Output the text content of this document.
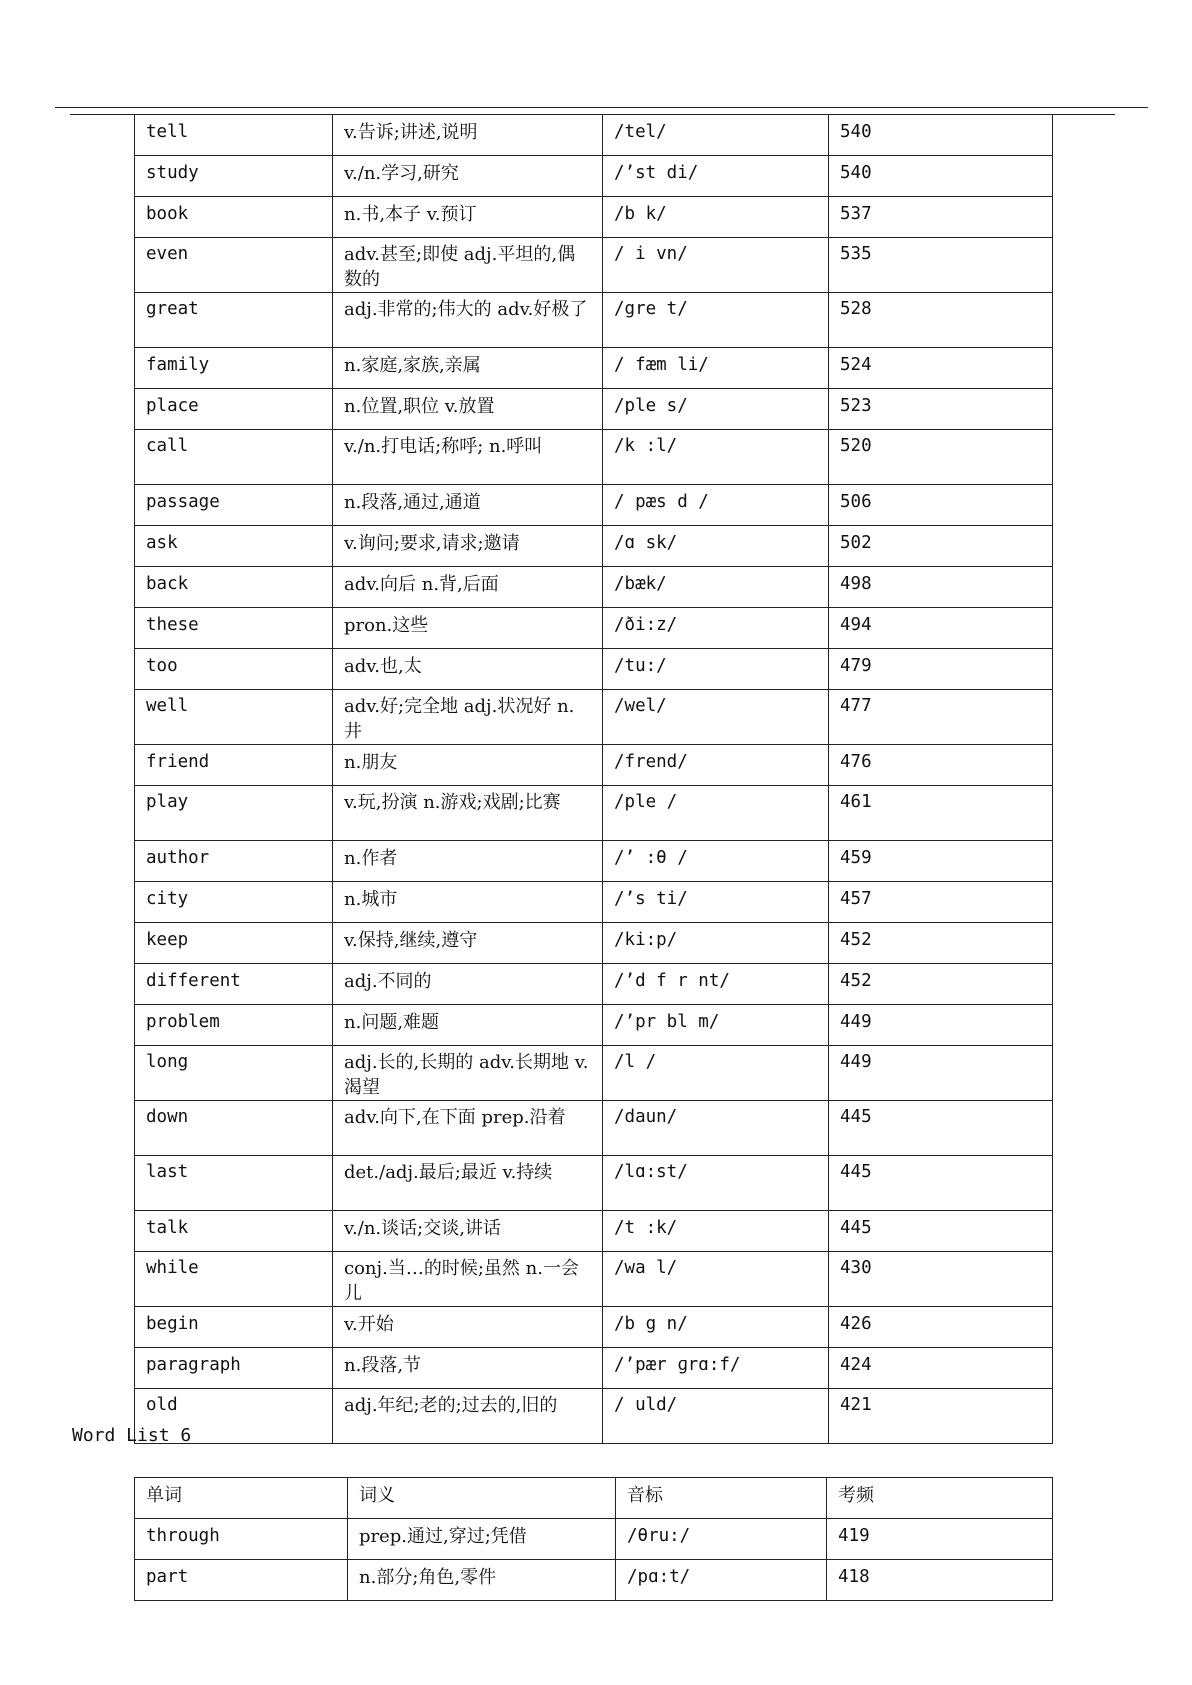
tell	v.告诉;讲述,说明	/tel/	540
study	v./n.学习,研究	/’st di/	540
book	n.书,本子 v.预订	/b k/	537
even	adv.甚至;即使 adj.平坦的,偶数的	/ i vn/	535
great	adj.非常的;伟大的 adv.好极了	/gre t/	528
family	n.家庭,家族,亲属	/ fæm li/	524
place	n.位置,职位 v.放置	/ple s/	523
call	v./n.打电话;称呼; n.呼叫	/k :l/	520
passage	n.段落,通过,通道	/ pæs d /	506
ask	v.询问;要求,请求;邀请	/ɑ sk/	502
back	adv.向后 n.背,后面	/bæk/	498
these	pron.这些	/ði:z/	494
too	adv.也,太	/tu:/	479
well	adv.好;完全地 adj.状况好 n.井	/wel/	477
friend	n.朋友	/frend/	476
play	v.玩,扮演 n.游戏;戏剧;比赛	/ple /	461
author	n.作者	/’ :θ /	459
city	n.城市	/’s ti/	457
keep	v.保持,继续,遵守	/ki:p/	452
different	adj.不同的	/’d f r nt/	452
problem	n.问题,难题	/’pr bl m/	449
long	adj.长的,长期的 adv.长期地 v.渴望	/l /	449
down	adv.向下,在下面 prep.沿着	/daun/	445
last	det./adj.最后;最近 v.持续	/lɑ:st/	445
talk	v./n.谈话;交谈,讲话	/t :k/	445
while	conj.当…的时候;虽然 n.一会儿	/wa l/	430
begin	v.开始	/b g n/	426
paragraph	n.段落,节	/’pær ɡrɑ:f/	424
old	adj.年纪;老的;过去的,旧的	/ uld/	421
Word List 6
单词	词义	音标	考频
through	prep.通过,穿过;凭借	/θru:/	419
part	n.部分;角色,零件	/pɑ:t/	418
